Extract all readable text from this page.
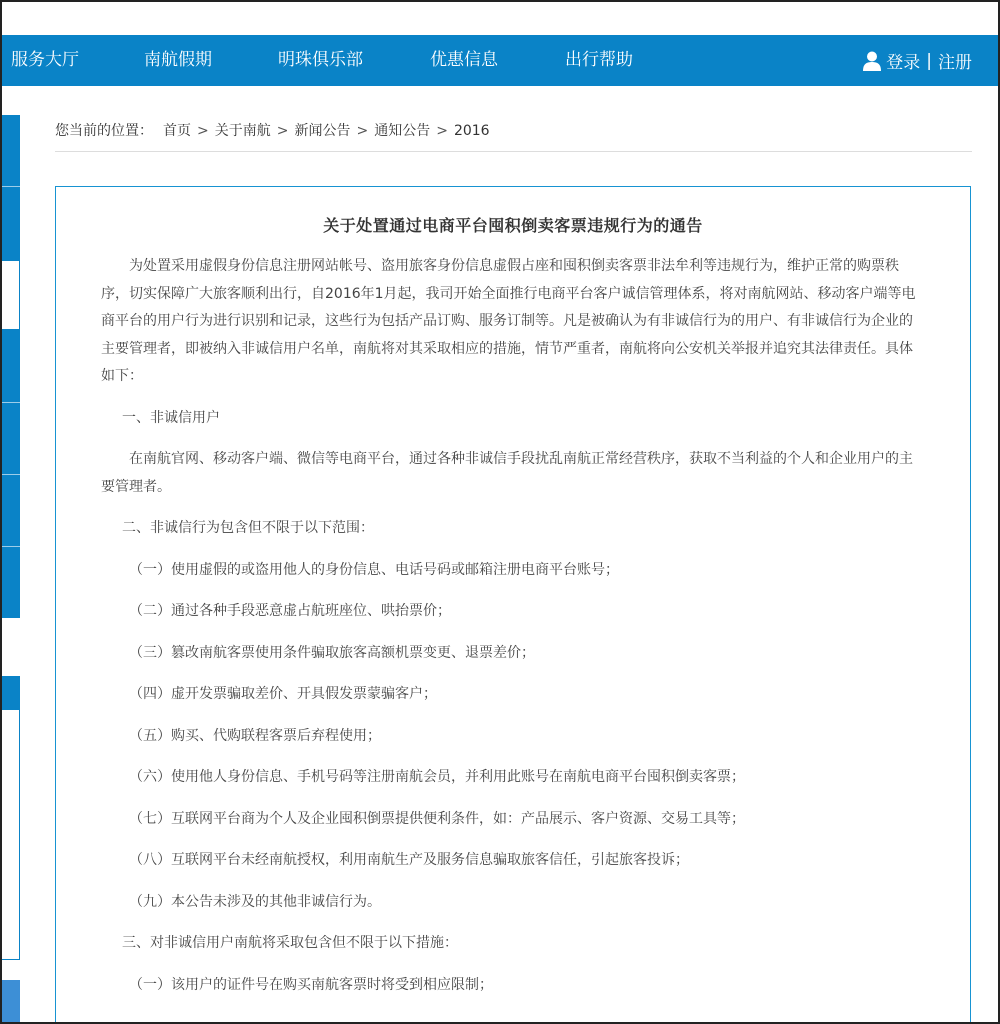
服务大厅	南航假期	明珠俱乐部	优惠信息	出行帮助	登录 | 注册
您当前的位置： 首页 > 关于南航 > 新闻公告 > 通知公告 > 2016
关于处置通过电商平台囤积倒卖客票违规行为的通告

为处置采用虚假身份信息注册网站帐号、盗用旅客身份信息虚假占座和囤积倒卖客票非法牟利等违规行为，维护正常的购票秩序，切实保障广大旅客顺利出行，自2016年1月起，我司开始全面推行电商平台客户诚信管理体系，将对南航网站、移动客户端等电商平台的用户行为进行识别和记录，这些行为包括产品订购、服务订制等。凡是被确认为有非诚信行为的用户、有非诚信行为企业的主要管理者，即被纳入非诚信用户名单，南航将对其采取相应的措施，情节严重者，南航将向公安机关举报并追究其法律责任。具体如下：

一、非诚信用户

在南航官网、移动客户端、微信等电商平台，通过各种非诚信手段扰乱南航正常经营秩序，获取不当利益的个人和企业用户的主要管理者。

二、非诚信行为包含但不限于以下范围：
（一）使用虚假的或盗用他人的身份信息、电话号码或邮箱注册电商平台账号；
（二）通过各种手段恶意虚占航班座位、哄抬票价；
（三）篡改南航客票使用条件骗取旅客高额机票变更、退票差价；
（四）虚开发票骗取差价、开具假发票蒙骗客户；
（五）购买、代购联程客票后弃程使用；
（六）使用他人身份信息、手机号码等注册南航会员，并利用此账号在南航电商平台囤积倒卖客票；
（七）互联网平台商为个人及企业囤积倒票提供便利条件，如：产品展示、客户资源、交易工具等；
（八）互联网平台未经南航授权，利用南航生产及服务信息骗取旅客信任，引起旅客投诉；
（九）本公告未涉及的其他非诚信行为。
三、对非诚信用户南航将采取包含但不限于以下措施：
（一）该用户的证件号在购买南航客票时将受到相应限制；
